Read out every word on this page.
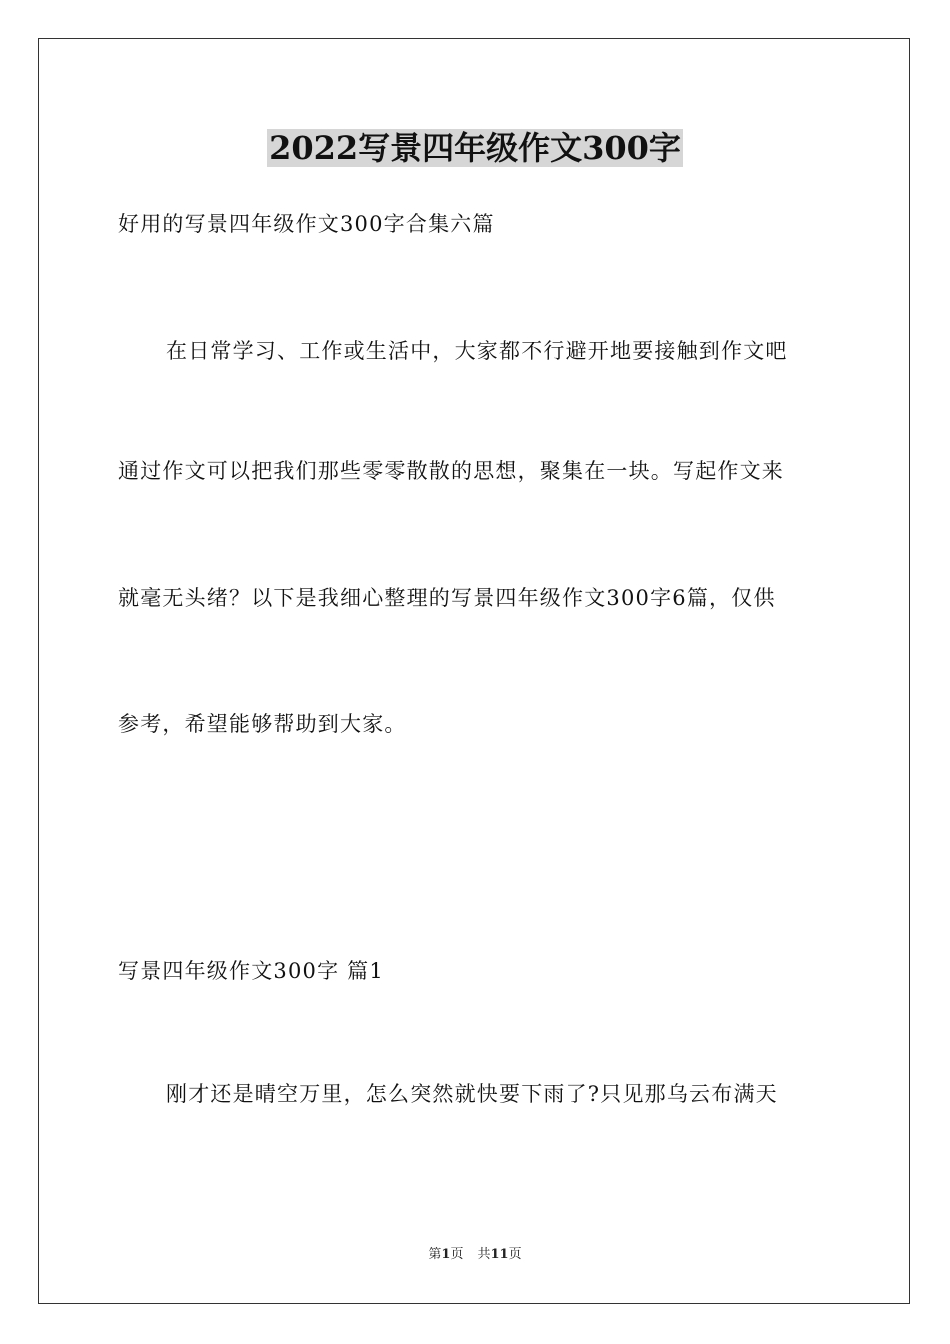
2022写景四年级作文300字
好用的写景四年级作文300字合集六篇
在日常学习、工作或生活中，大家都不行避开地要接触到作文吧
通过作文可以把我们那些零零散散的思想，聚集在一块。写起作文来
就毫无头绪？以下是我细心整理的写景四年级作文300字6篇，仅供
参考，希望能够帮助到大家。
写景四年级作文300字 篇1
刚才还是晴空万里，怎么突然就快要下雨了?只见那乌云布满天
第1页 共11页
